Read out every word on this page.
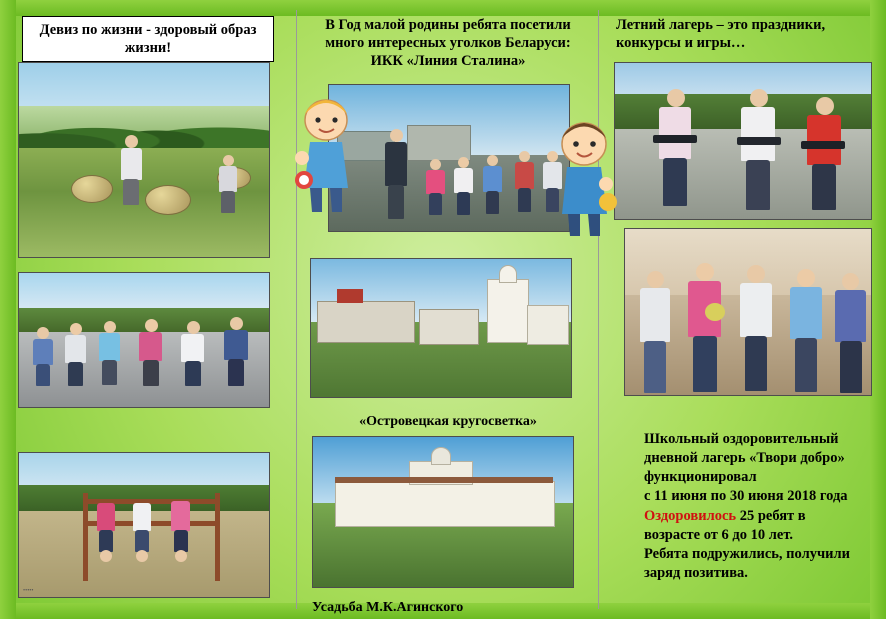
Девиз по жизни - здоровый образ жизни!
•••••
В Год малой родины ребята посетили много интересных уголков Беларуси: ИКК «Линия Сталина»
«Островецкая кругосветка»
Усадьба М.К.Агинского
Летний лагерь – это праздники, конкурсы и игры…
Школьный оздоровительный
дневной лагерь «Твори добро»
функционировал
с 11 июня по 30 июня 2018 года
Оздоровилось 25 ребят в
возрасте от 6 до 10 лет.
Ребята подружились, получили
заряд позитива.
